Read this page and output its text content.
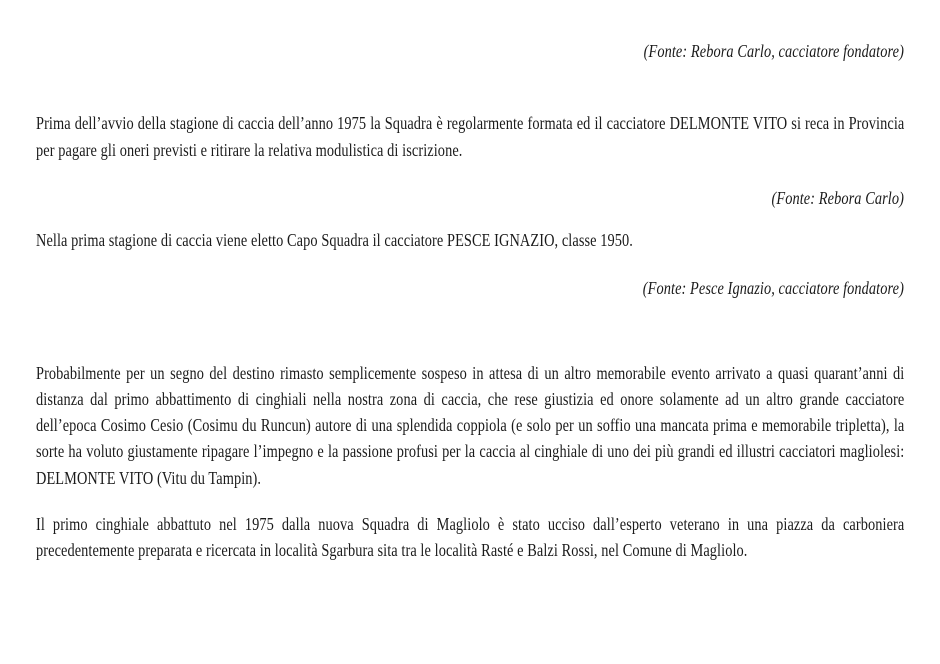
(Fonte: Rebora Carlo, cacciatore fondatore)

Prima dell’avvio della stagione di caccia dell’anno 1975 la Squadra è regolarmente formata ed il cacciatore DELMONTE VITO si reca in Provincia per pagare gli oneri previsti e ritirare la relativa modulistica di iscrizione.

(Fonte: Rebora Carlo)

Nella prima stagione di caccia viene eletto Capo Squadra il cacciatore PESCE IGNAZIO, classe 1950.

(Fonte: Pesce Ignazio, cacciatore fondatore)

Probabilmente per un segno del destino rimasto semplicemente sospeso in attesa di un altro memorabile evento arrivato a quasi quarant’anni di distanza dal primo abbattimento di cinghiali nella nostra zona di caccia, che rese giustizia ed onore solamente ad un altro grande cacciatore dell’epoca Cosimo Cesio (Cosimu du Runcun) autore di una splendida coppiola (e solo per un soffio una mancata prima e memorabile tripletta), la sorte ha voluto giustamente ripagare l’impegno e la passione profusi per la caccia al cinghiale di uno dei più grandi ed illustri cacciatori magliolesi: DELMONTE VITO (Vitu du Tampin).

Il primo cinghiale abbattuto nel 1975 dalla nuova Squadra di Magliolo è stato ucciso dall’esperto veterano in una piazza da carboniera precedentemente preparata e ricercata in località Sgarbura sita tra le località Rasté e Balzi Rossi, nel Comune di Magliolo.
